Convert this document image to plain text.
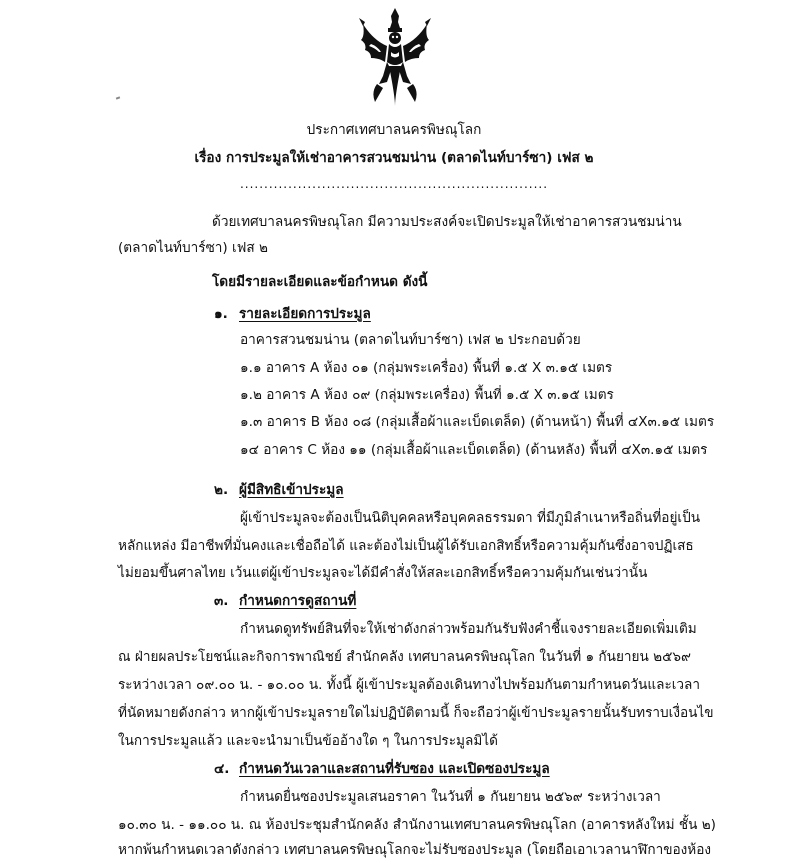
ประกาศเทศบาลนครพิษณุโลก
เรื่อง การประมูลให้เช่าอาคารสวนชมน่าน (ตลาดไนท์บาร์ซา) เฟส ๒
................................................................
ด้วยเทศบาลนครพิษณุโลก มีความประสงค์จะเปิดประมูลให้เช่าอาคารสวนชมน่าน
(ตลาดไนท์บาร์ซา) เฟส ๒
โดยมีรายละเอียดและข้อกำหนด ดังนี้
๑. รายละเอียดการประมูล
อาคารสวนชมน่าน (ตลาดไนท์บาร์ซา) เฟส ๒ ประกอบด้วย
๑.๑ อาคาร A ห้อง ๐๑ (กลุ่มพระเครื่อง) พื้นที่ ๑.๕ X ๓.๑๕ เมตร
๑.๒ อาคาร A ห้อง ๐๙ (กลุ่มพระเครื่อง) พื้นที่ ๑.๕ X ๓.๑๕ เมตร
๑.๓ อาคาร B ห้อง ๐๘ (กลุ่มเสื้อผ้าและเบ็ดเตล็ด) (ด้านหน้า) พื้นที่ ๔X๓.๑๕ เมตร
๑๔ อาคาร C ห้อง ๑๑ (กลุ่มเสื้อผ้าและเบ็ดเตล็ด) (ด้านหลัง) พื้นที่ ๔X๓.๑๕ เมตร
๒. ผู้มีสิทธิเข้าประมูล
ผู้เข้าประมูลจะต้องเป็นนิติบุคคลหรือบุคคลธรรมดา ที่มีภูมิลำเนาหรือถิ่นที่อยู่เป็น
หลักแหล่ง มีอาชีพที่มั่นคงและเชื่อถือได้ และต้องไม่เป็นผู้ได้รับเอกสิทธิ์หรือความคุ้มกันซึ่งอาจปฏิเสธ
ไม่ยอมขึ้นศาลไทย เว้นแต่ผู้เข้าประมูลจะได้มีคำสั่งให้สละเอกสิทธิ์หรือความคุ้มกันเช่นว่านั้น
๓. กำหนดการดูสถานที่
กำหนดดูทรัพย์สินที่จะให้เช่าดังกล่าวพร้อมกันรับฟังคำชี้แจงรายละเอียดเพิ่มเติม
ณ ฝ่ายผลประโยชน์และกิจการพาณิชย์ สำนักคลัง เทศบาลนครพิษณุโลก ในวันที่ ๑ กันยายน ๒๕๖๙
ระหว่างเวลา ๐๙.๐๐ น. - ๑๐.๐๐ น. ทั้งนี้ ผู้เข้าประมูลต้องเดินทางไปพร้อมกันตามกำหนดวันและเวลา
ที่นัดหมายดังกล่าว หากผู้เข้าประมูลรายใดไม่ปฏิบัติตามนี้ ก็จะถือว่าผู้เข้าประมูลรายนั้นรับทราบเงื่อนไข
ในการประมูลแล้ว และจะนำมาเป็นข้ออ้างใด ๆ ในการประมูลมิได้
๔. กำหนดวันเวลาและสถานที่รับซอง และเปิดซองประมูล
กำหนดยื่นซองประมูลเสนอราคา ในวันที่ ๑ กันยายน ๒๕๖๙ ระหว่างเวลา
๑๐.๓๐ น. - ๑๑.๐๐ น. ณ ห้องประชุมสำนักคลัง สำนักงานเทศบาลนครพิษณุโลก (อาคารหลังใหม่ ชั้น ๒)
หากพ้นกำหนดเวลาดังกล่าว เทศบาลนครพิษณุโลกจะไม่รับซองประมูล (โดยถือเอาเวลานาฬิกาของห้อง
